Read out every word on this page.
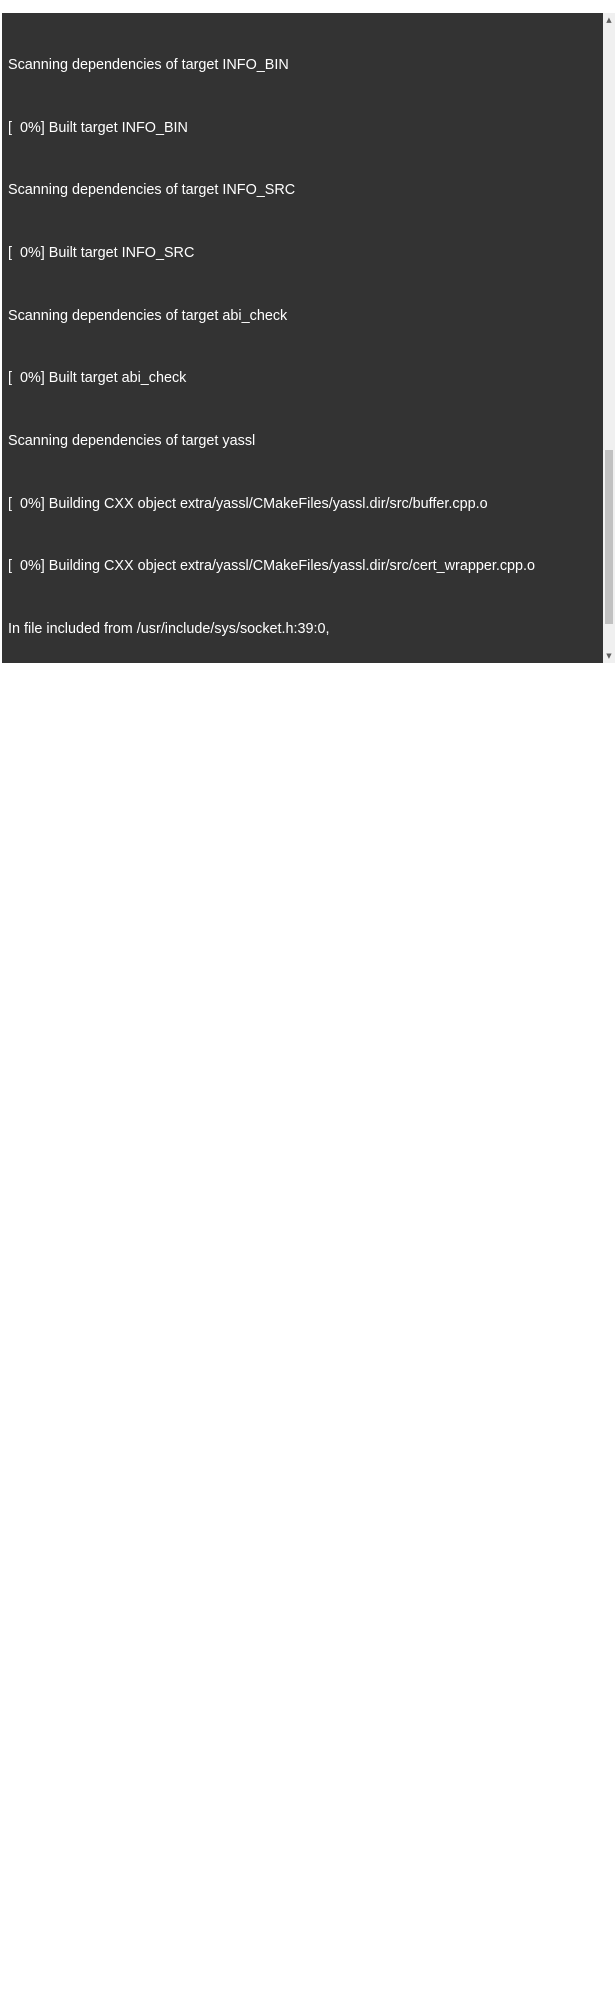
Scanning dependencies of target INFO_BIN

[  0%] Built target INFO_BIN

Scanning dependencies of target INFO_SRC

[  0%] Built target INFO_SRC

Scanning dependencies of target abi_check

[  0%] Built target abi_check

Scanning dependencies of target yassl

[  0%] Building CXX object extra/yassl/CMakeFiles/yassl.dir/src/buffer.cpp.o

[  0%] Building CXX object extra/yassl/CMakeFiles/yassl.dir/src/cert_wrapper.cpp.o

In file included from /usr/include/sys/socket.h:39:0,

from

/www/server/mysql/src/extra/yassl/include/socket_wrapper.hpp:35,

from /www/server/mysql/src/extra/yassl/include/log.hpp:28,

from /www/server/mysql/src/extra/yassl/include/yassl_int.hpp:32,

from /www/server/mysql/src/extra/yassl/src/cert_wrapper.cpp:26:

/usr/include/bits/socket.h:350:24: fatal error: asm/socket.h: No such file or

directory

#include <asm/socket.h>

^

compilation terminated.

make[2]: *** [extra/yassl/CMakeFiles/yassl.dir/src/cert_wrapper.cpp.o] Error 1

make[1]: *** [extra/yassl/CMakeFiles/yassl.dir/all] Error 2

make: *** [all] Error 2

=====================================================

====

CentOS Linux release 7.8.2003 (Core)

Bit:64 Mem:1992M Core:1 gcc:4.8.5 cmake:2.8.12.2

Linux VM-0-4-centos 4.14.129-bbrplus #1 SMP Tue Jun 25 12:23:41 UTC 2019

x86_64 x86_64 x86_64 GNU/Linux

ERROR: mysql mariadb_10.1 installation failed.

安装失败，请截图以上报错信息发帖至论坛www.bt.cn/bbs求助

▲
▼
